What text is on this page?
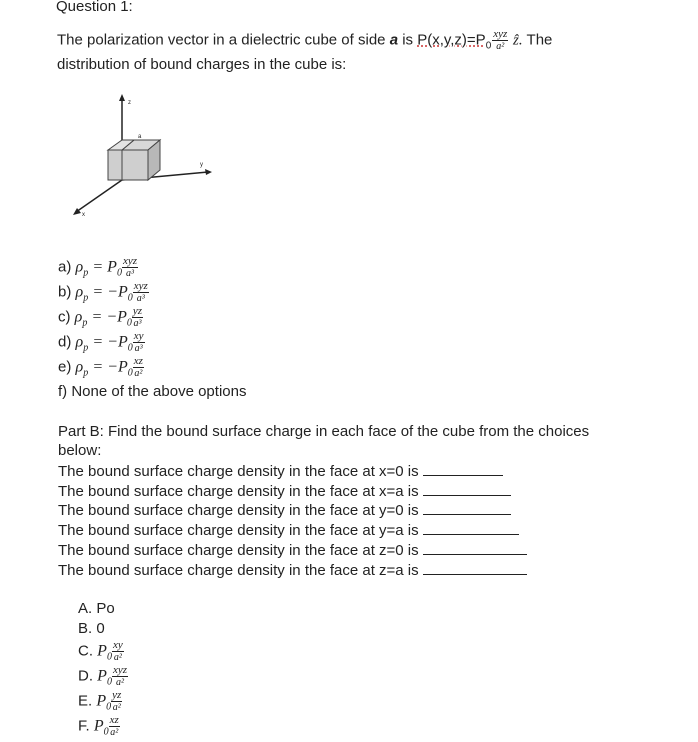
Question 1:
The polarization vector in a dielectric cube of side a is $P(x,y,z)=P_0 \frac{\text{xyz}}{\text{a²}}$ ẑ. The
distribution of bound charges in the cube is:
z
y
x
a
a) $\rho_p = P_0 \frac{\text{xyz}}{\text{a³}}$
b) $\rho_p = -P_0 \frac{\text{xyz}}{\text{a³}}$
c) $\rho_p = -P_0 \frac{yz}{\text{a³}}$
d) $\rho_p = -P_0 \frac{xy}{\text{a³}}$
e) $\rho_p = -P_0 \frac{xz}{\text{a²}}$
f) None of the above options
Part B: Find the bound surface charge in each face of the cube from the choices
below:
The bound surface charge density in the face at x=0 is
The bound surface charge density in the face at x=a is
The bound surface charge density in the face at y=0 is
The bound surface charge density in the face at y=a is
The bound surface charge density in the face at z=0 is
The bound surface charge density in the face at z=a is
A. Po
B. 0
C. $P_0 \frac{xy}{\text{a²}}$
D. $P_0 \frac{\text{xyz}}{\text{a²}}$
E. $P_0 \frac{yz}{\text{a²}}$
F. $P_0 \frac{xz}{\text{a²}}$
